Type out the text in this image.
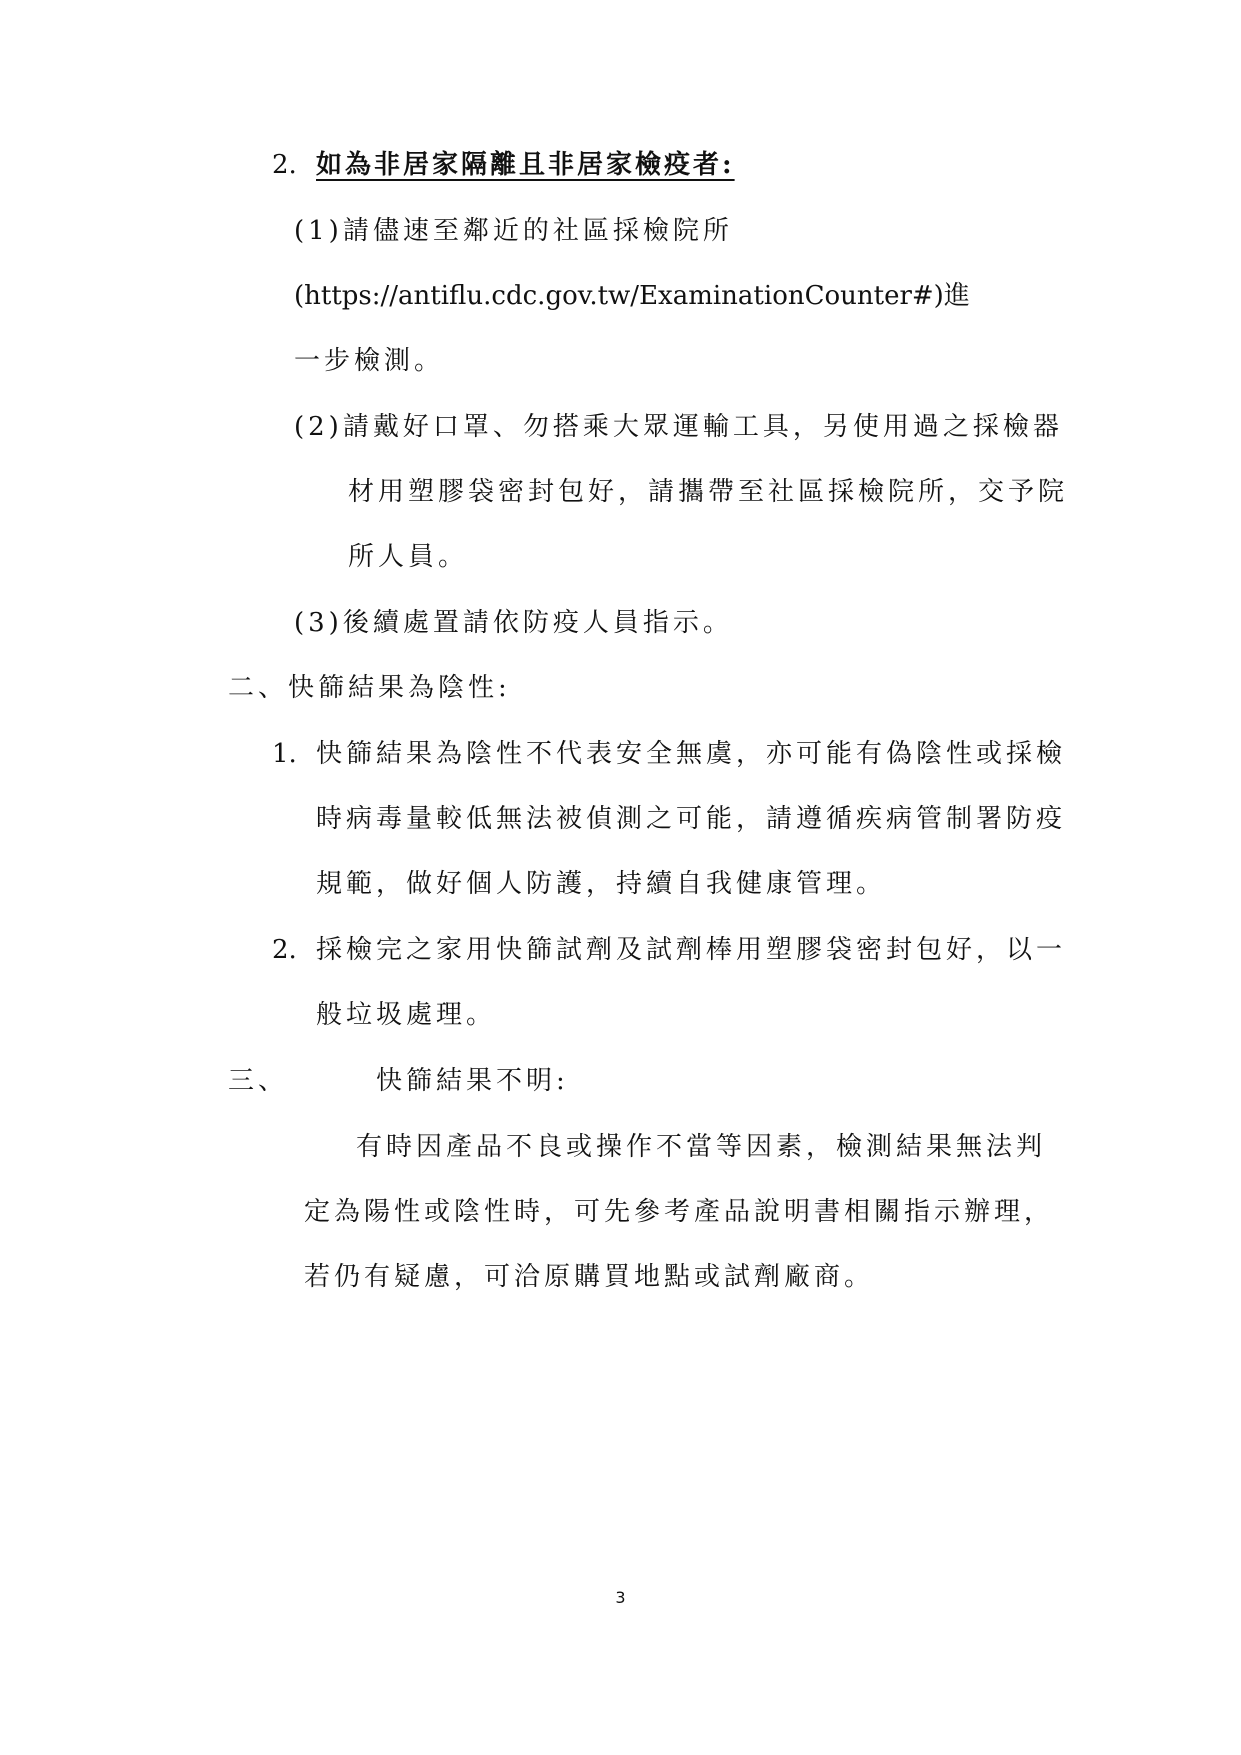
2. 如為非居家隔離且非居家檢疫者:
(1)請儘速至鄰近的社區採檢院所
(https://antiflu.cdc.gov.tw/ExaminationCounter#)進
一步檢測。
(2)請戴好口罩、勿搭乘大眾運輸工具，另使用過之採檢器
材用塑膠袋密封包好，請攜帶至社區採檢院所，交予院
所人員。
(3)後續處置請依防疫人員指示。
二、快篩結果為陰性:
1. 快篩結果為陰性不代表安全無虞，亦可能有偽陰性或採檢
時病毒量較低無法被偵測之可能，請遵循疾病管制署防疫
規範，做好個人防護，持續自我健康管理。
2. 採檢完之家用快篩試劑及試劑棒用塑膠袋密封包好，以一
般垃圾處理。
三、	快篩結果不明:
有時因產品不良或操作不當等因素，檢測結果無法判
定為陽性或陰性時，可先參考產品說明書相關指示辦理，
若仍有疑慮，可洽原購買地點或試劑廠商。
3
